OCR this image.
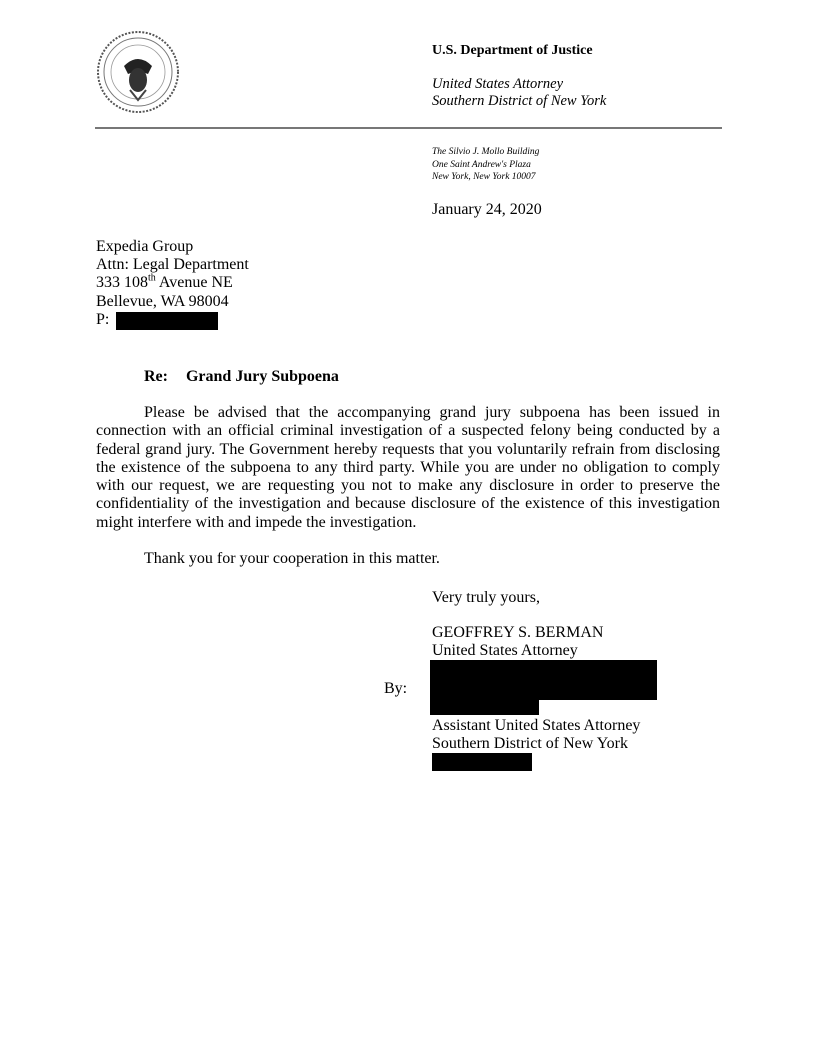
U.S. Department of Justice
United States Attorney
Southern District of New York
The Silvio J. Mollo Building
One Saint Andrew's Plaza
New York, New York 10007
January 24, 2020
Expedia Group
Attn: Legal Department
333 108th Avenue NE
Bellevue, WA 98004
P:
Re: Grand Jury Subpoena
Please be advised that the accompanying grand jury subpoena has been issued in connection with an official criminal investigation of a suspected felony being conducted by a federal grand jury. The Government hereby requests that you voluntarily refrain from disclosing the existence of the subpoena to any third party. While you are under no obligation to comply with our request, we are requesting you not to make any disclosure in order to preserve the confidentiality of the investigation and because disclosure of the existence of this investigation might interfere with and impede the investigation.
Thank you for your cooperation in this matter.
Very truly yours,
GEOFFREY S. BERMAN
United States Attorney
By:
Assistant United States Attorney
Southern District of New York
